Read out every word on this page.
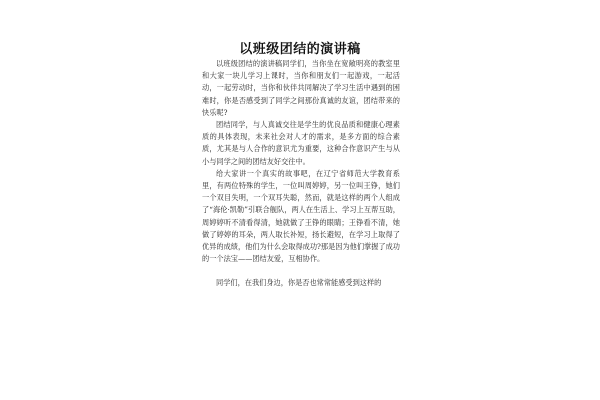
以班级团结的演讲稿

以班级团结的演讲稿同学们，当你坐在宽敞明亮的教室里和大家一块儿学习上课时，当你和朋友们一起游戏，一起活动，一起劳动时，当你和伙伴共同解决了学习生活中遇到的困难时，你是否感受到了同学之间那份真诚的友谊，团结带来的快乐呢?

团结同学，与人真诚交往是学生的优良品质和健康心理素质的具体表现，未来社会对人才的需求，是多方面的综合素质，尤其是与人合作的意识尤为重要，这种合作意识产生与从小与同学之间的团结友好交往中。

给大家讲一个真实的故事吧，在辽宁省师范大学教育系里，有两位特殊的学生，一位叫周婷婷，另一位叫王铮，她们一个双目失明，一个双耳失聪，然而，就是这样的两个人组成了“海伦·凯勒”引联合舰队，两人在生活上、学习上互帮互助，周婷婷听不清看得清，她就做了王铮的眼睛；王铮看不清，她做了婷婷的耳朵，两人取长补短，扬长避短，在学习上取得了优异的成绩，他们为什么会取得成功?那是因为他们掌握了成功的一个法宝——团结友爱，互相协作。

同学们，在我们身边，你是否也常常能感受到这样的
